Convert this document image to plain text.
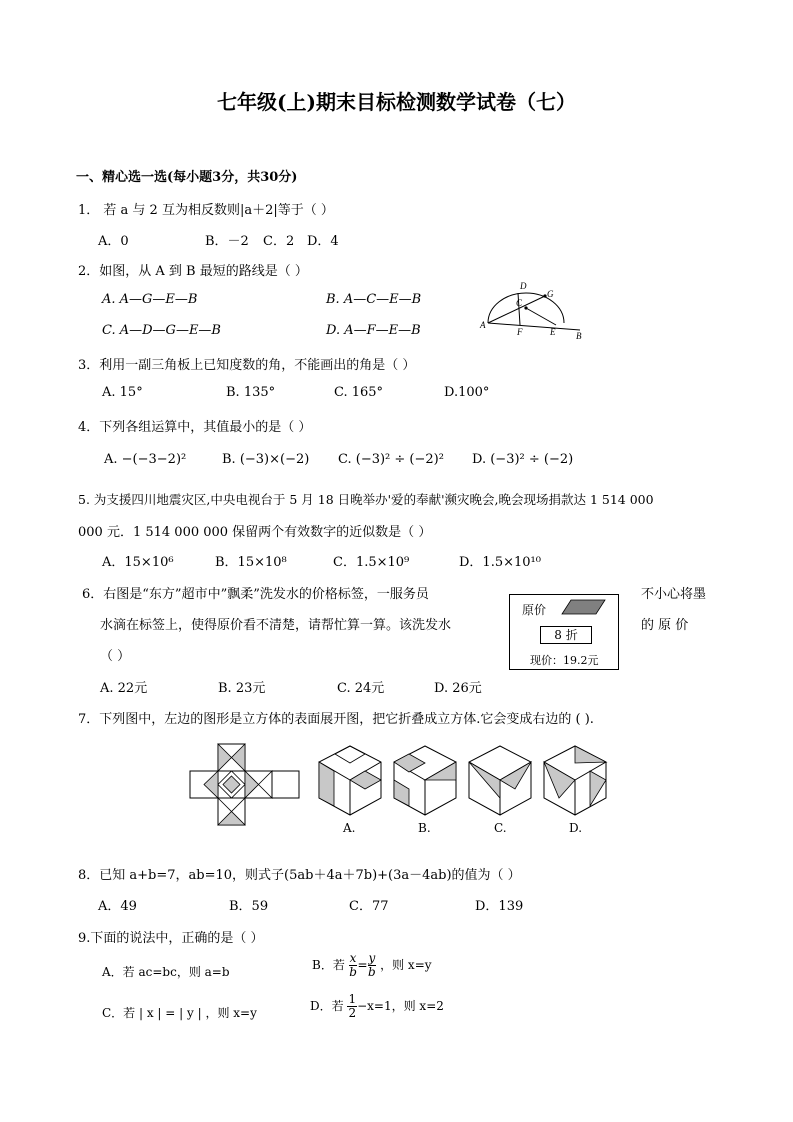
七年级(上)期末目标检测数学试卷（七）
一、精心选一选(每小题3分，共30分)
1． 若 a 与 2 互为相反数则|a＋2|等于（ ）
A．0	B．－2 C．2 D．4
2．如图，从 A 到 B 最短的路线是（ ）
A. A—G—E—B	B. A—C—E—B
C. A—D—G—E—B	D. A—F—E—B
D
G
C
A
F	E B
3．利用一副三角板上已知度数的角，不能画出的角是（ ）
A. 15°	B. 135°	C. 165°	D.100°
4．下列各组运算中，其值最小的是（ ）
A. −(−3−2)²	B. (−3)×(−2) C. (−3)² ÷ (−2)² D. (−3)² ÷ (−2)
5. 为支援四川地震灾区,中央电视台于 5 月 18 日晚举办'爱的奉献'濒灾晚会,晚会现场捐款达 1 514 000
000 元．1 514 000 000 保留两个有效数字的近似数是（ ）
A．15×10⁶	B．15×10⁸	C．1.5×10⁹	D．1.5×10¹⁰
6．右图是“东方”超市中”飘柔”洗发水的价格标签，一服务员	不小心将墨
水滴在标签上，使得原价看不清楚，请帮忙算一算。该洗发水	的 原 价
（ ）
原价
8 折
现价：19.2元
A. 22元	B. 23元	C. 24元	D. 26元
7．下列图中，左边的图形是立方体的表面展开图，把它折叠成立方体.它会变成右边的 ( ).
A.	B.	C.	D.
8．已知 a+b=7，ab=10，则式子(5ab＋4a＋7b)+(3a－4ab)的值为（ ）
A．49	B．59	C．77	D．139
9.下面的说法中，正确的是（ ）
A．若 ac=bc，则 a=b	B．若 $\frac{x}{b} = \frac{y}{b}$ ，则 x=y
C．若 | x | = | y | ，则 x=y	D．若 $\frac{1}{2} -x=1$，则 x=2
